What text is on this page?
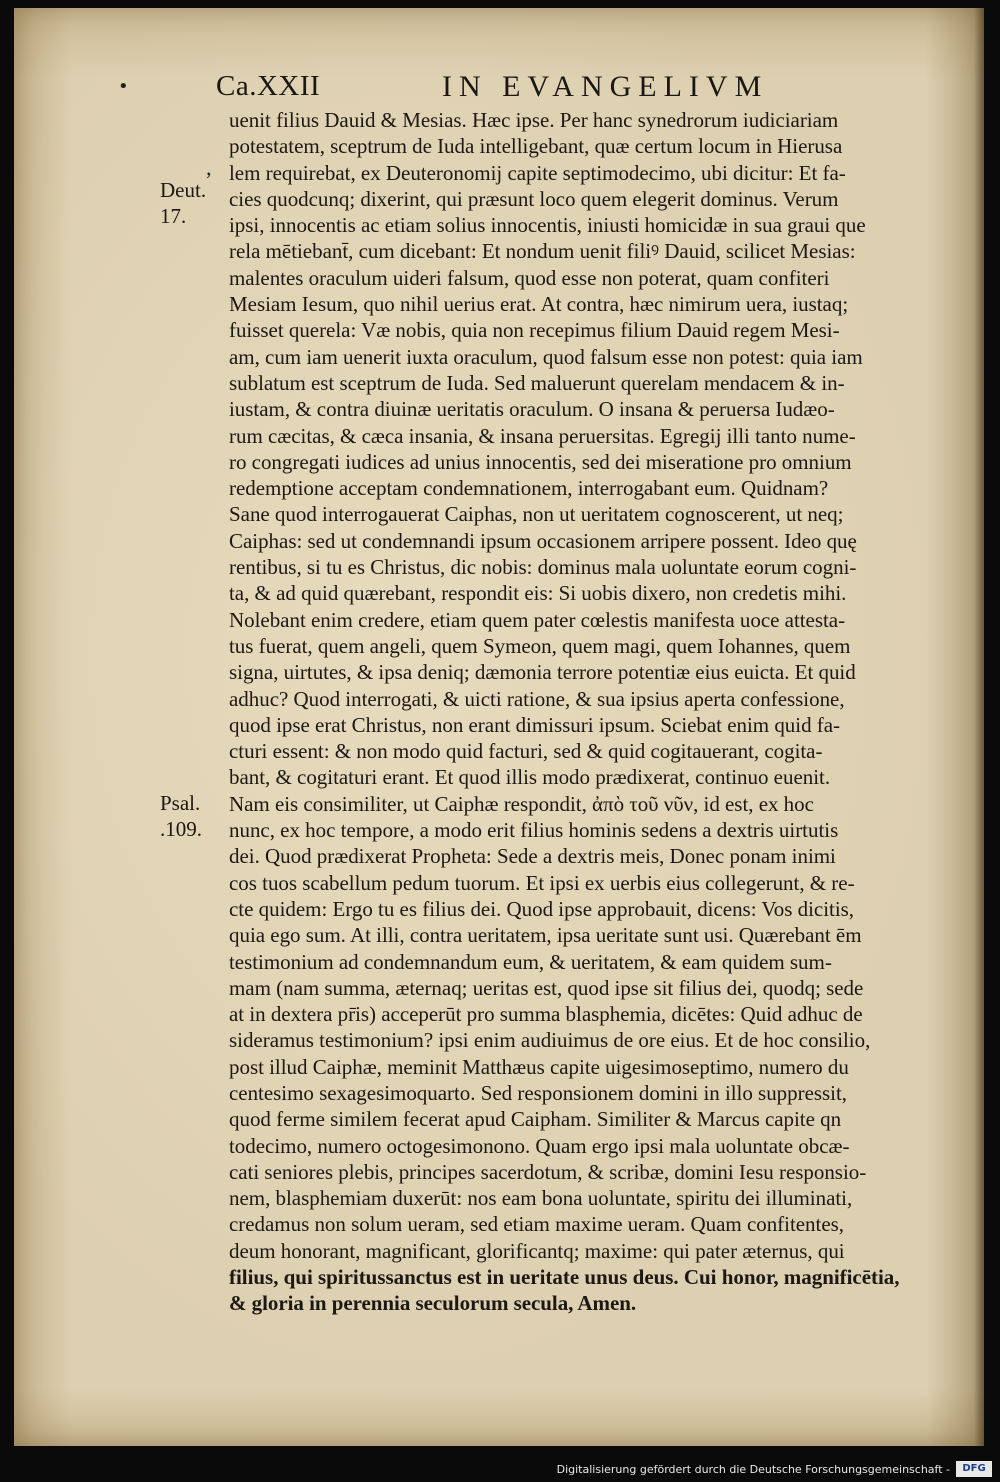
•	Ca.XXII	IN EVANGELIVM
,
Deut.
17.
Psal.
.109.
uenit filius Dauid & Mesias. Hæc ipse. Per hanc synedrorum iudiciariam
potestatem, sceptrum de Iuda intelligebant, quæ certum locum in Hierusa
lem requirebat, ex Deuteronomij capite septimodecimo, ubi dicitur: Et fa-
cies quodcunq; dixerint, qui præsunt loco quem elegerit dominus. Verum
ipsi, innocentis ac etiam solius innocentis, iniusti homicidæ in sua graui que
rela mētiebant̄, cum dicebant: Et nondum uenit filiꝰ Dauid, scilicet Mesias:
malentes oraculum uideri falsum, quod esse non poterat, quam confiteri
Mesiam Iesum, quo nihil uerius erat. At contra, hæc nimirum uera, iustaq;
fuisset querela: Væ nobis, quia non recepimus filium Dauid regem Mesi-
am, cum iam uenerit iuxta oraculum, quod falsum esse non potest: quia iam
sublatum est sceptrum de Iuda. Sed maluerunt querelam mendacem & in-
iustam, & contra diuinæ ueritatis oraculum. O insana & peruersa Iudæo-
rum cæcitas, & cæca insania, & insana peruersitas. Egregij illi tanto nume-
ro congregati iudices ad unius innocentis, sed dei miseratione pro omnium
redemptione acceptam condemnationem, interrogabant eum. Quidnam?
Sane quod interrogauerat Caiphas, non ut ueritatem cognoscerent, ut neq;
Caiphas: sed ut condemnandi ipsum occasionem arripere possent. Ideo quę
rentibus, si tu es Christus, dic nobis: dominus mala uoluntate eorum cogni-
ta, & ad quid quærebant, respondit eis: Si uobis dixero, non credetis mihi.
Nolebant enim credere, etiam quem pater cœlestis manifesta uoce attesta-
tus fuerat, quem angeli, quem Symeon, quem magi, quem Iohannes, quem
signa, uirtutes, & ipsa deniq; dæmonia terrore potentiæ eius euicta. Et quid
adhuc? Quod interrogati, & uicti ratione, & sua ipsius aperta confessione,
quod ipse erat Christus, non erant dimissuri ipsum. Sciebat enim quid fa-
cturi essent: & non modo quid facturi, sed & quid cogitauerant, cogita-
bant, & cogitaturi erant. Et quod illis modo prædixerat, continuo euenit.
Nam eis consimiliter, ut Caiphæ respondit, ἀπὸ τοῦ νῦν, id est, ex hoc
nunc, ex hoc tempore, a modo erit filius hominis sedens a dextris uirtutis
dei. Quod prædixerat Propheta: Sede a dextris meis, Donec ponam inimi
cos tuos scabellum pedum tuorum. Et ipsi ex uerbis eius collegerunt, & re-
cte quidem: Ergo tu es filius dei. Quod ipse approbauit, dicens: Vos dicitis,
quia ego sum. At illi, contra ueritatem, ipsa ueritate sunt usi. Quærebant ēm
testimonium ad condemnandum eum, & ueritatem, & eam quidem sum-
mam (nam summa, æternaq; ueritas est, quod ipse sit filius dei, quodq; sede
at in dextera pr̄is) acceperūt pro summa blasphemia, dicētes: Quid adhuc de
sideramus testimonium? ipsi enim audiuimus de ore eius. Et de hoc consilio,
post illud Caiphæ, meminit Matthæus capite uigesimoseptimo, numero du
centesimo sexagesimoquarto. Sed responsionem domini in illo suppressit,
quod ferme similem fecerat apud Caipham. Similiter & Marcus capite qn
todecimo, numero octogesimonono. Quam ergo ipsi mala uoluntate obcæ-
cati seniores plebis, principes sacerdotum, & scribæ, domini Iesu responsio-
nem, blasphemiam duxerūt: nos eam bona uoluntate, spiritu dei illuminati,
credamus non solum ueram, sed etiam maxime ueram. Quam confitentes,
deum honorant, magnificant, glorificantq; maxime: qui pater æternus, qui
filius, qui spiritussanctus est in ueritate unus deus. Cui honor, magnificētia,
& gloria in perennia seculorum secula, Amen.
Digitalisierung gefördert durch die Deutsche Forschungsgemeinschaft -	DFG
